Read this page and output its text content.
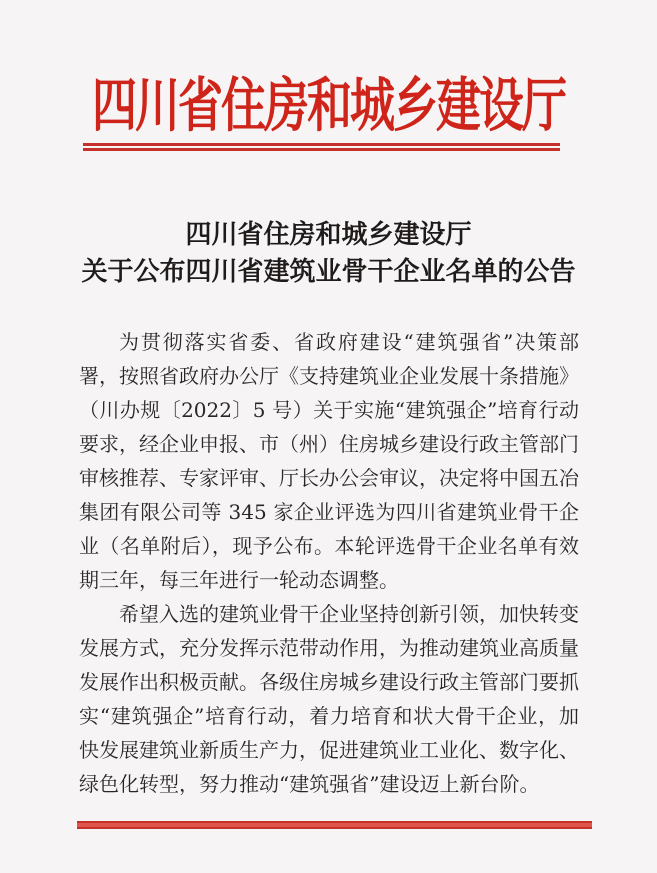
四川省住房和城乡建设厅
四川省住房和城乡建设厅
关于公布四川省建筑业骨干企业名单的公告

为贯彻落实省委、省政府建设“建筑强省”决策部署，按照省政府办公厅《支持建筑业企业发展十条措施》（川办规〔2022〕5 号）关于实施“建筑强企”培育行动要求，经企业申报、市（州）住房城乡建设行政主管部门审核推荐、专家评审、厅长办公会审议，决定将中国五冶集团有限公司等 345 家企业评选为四川省建筑业骨干企业（名单附后），现予公布。本轮评选骨干企业名单有效期三年，每三年进行一轮动态调整。

希望入选的建筑业骨干企业坚持创新引领，加快转变发展方式，充分发挥示范带动作用，为推动建筑业高质量发展作出积极贡献。各级住房城乡建设行政主管部门要抓实“建筑强企”培育行动，着力培育和状大骨干企业，加快发展建筑业新质生产力，促进建筑业工业化、数字化、绿色化转型，努力推动“建筑强省”建设迈上新台阶。
